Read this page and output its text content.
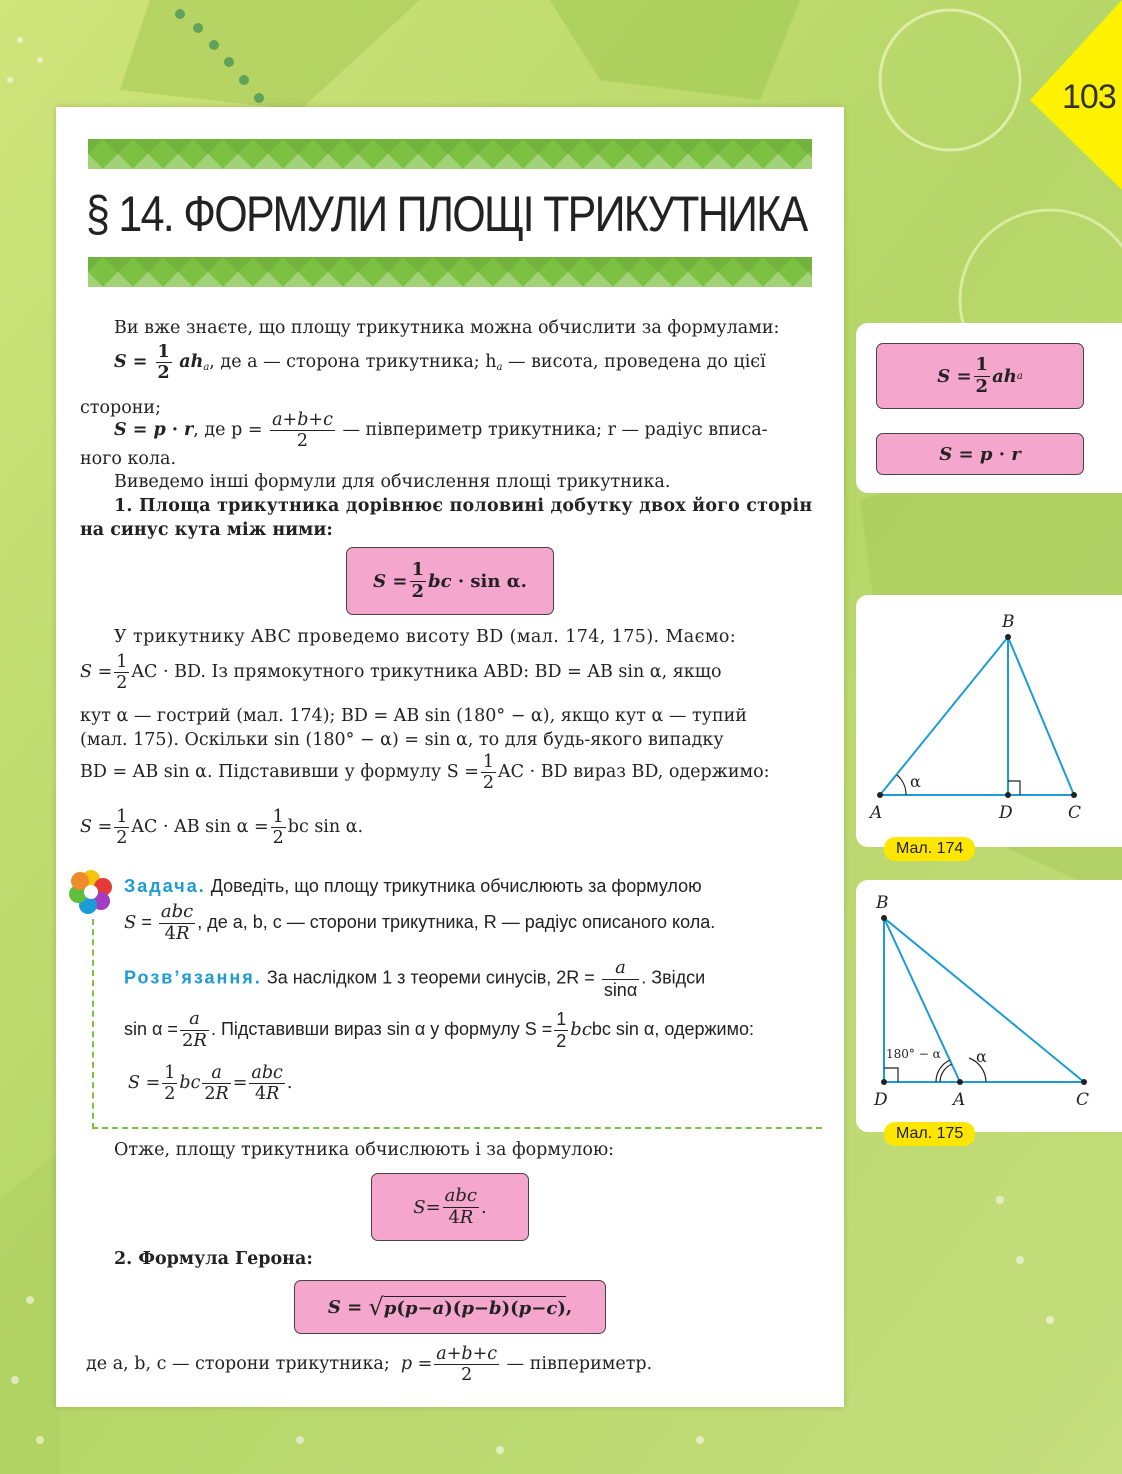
103
§ 14. ФОРМУЛИ ПЛОЩІ ТРИКУТНИКА
Ви вже знаєте, що площу трикутника можна обчислити за формулами:
$S = \frac{1}{2} ah_a$, де a — сторона трикутника; $h_a$ — висота, проведена до цієї
сторони;
S = p · r, де $p = \frac{a+b+c}{2}$ — півпериметр трикутника; r — радіус вписа-
ного кола.
Виведемо інші формули для обчислення площі трикутника.
1. Площа трикутника дорівнює половині добутку двох його сторін
на синус кута між ними:
$S = \frac{1}{2}$ bc · sin α.
У трикутнику ABC проведемо висоту BD (мал. 174, 175). Маємо:
$S = \frac{1}{2}$ AC · BD. Із прямокутного трикутника ABD: BD = AB sin α, якщо
кут α — гострий (мал. 174); BD = AB sin (180° − α), якщо кут α — тупий
(мал. 175). Оскільки sin (180° − α) = sin α, то для будь-якого випадку
BD = AB sin α. Підставивши у формулу $S = \frac{1}{2}$ AC · BD вираз BD, одержимо:
$S = \frac{1}{2}$ AC · AB $\sin \alpha = \frac{1}{2}$ bc sin α.
Задача. Доведіть, що площу трикутника обчислюють за формулою
$S = \frac{\text{abc}}{4R}$ , де a, b, c — сторони трикутника, R — радіус описаного кола.
Розв’язання. За наслідком 1 з теореми синусів, $2R = \frac{a}{\sin\alpha}$ . Звідси
$\sin \alpha = \frac{a}{2R}$ . Підставивши вираз sin α у формулу $S = \frac{1}{2}$ bcbc sin α, одержимо:
$S = \frac{1}{2}$ bc $\frac{a}{2R} = \frac{\text{abc}}{4R}$ .
Отже, площу трикутника обчислюють і за формулою:
$S = \frac{\text{abc}}{4R}$ .
2. Формула Герона:
S = √ p(p−a)(p−b)(p−c) ,
де a, b, c — сторони трикутника; $p = \frac{a+b+c}{2}$ — півпериметр.
$S = \frac{1}{2}$ ah a
S = p · r
B
A	D	C
α
Мал. 174
B
D	A	C
180° − α α
Мал. 175
